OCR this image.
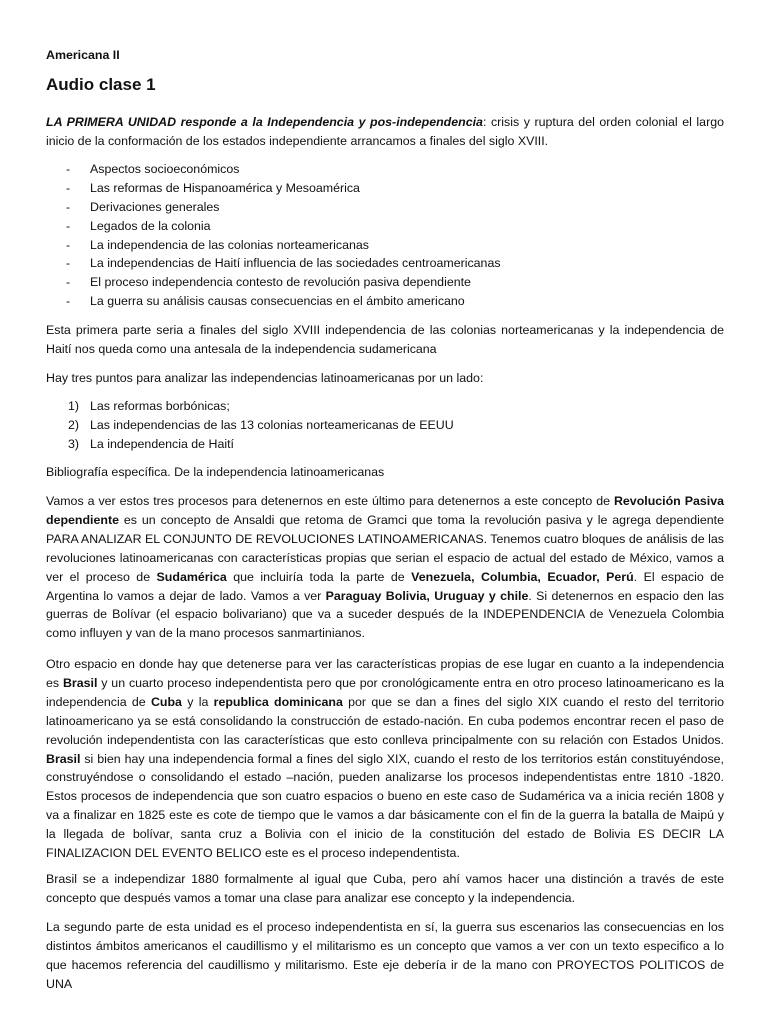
Americana II
Audio clase 1

LA PRIMERA UNIDAD responde a la Independencia y pos-independencia: crisis y ruptura del orden colonial el largo inicio de la conformación de los estados independiente arrancamos a finales del siglo XVIII.

- Aspectos socioeconómicos
- Las reformas de Hispanoamérica y Mesoamérica
- Derivaciones generales
- Legados de la colonia
- La independencia de las colonias norteamericanas
- La independencias de Haití influencia de las sociedades centroamericanas
- El proceso independencia contesto de revolución pasiva dependiente
- La guerra su análisis causas consecuencias en el ámbito americano

Esta primera parte seria a finales del siglo XVIII independencia de las colonias norteamericanas y la independencia de Haití nos queda como una antesala de la independencia sudamericana

Hay tres puntos para analizar las independencias latinoamericanas por un lado:

1) Las reformas borbónicas;
2) Las independencias de las 13 colonias norteamericanas de EEUU
3) La independencia de Haití

Bibliografía específica. De la independencia latinoamericanas

Vamos a ver estos tres procesos para detenernos en este último para detenernos a este concepto de Revolución Pasiva dependiente es un concepto de Ansaldi que retoma de Gramci que toma la revolución pasiva y le agrega dependiente PARA ANALIZAR EL CONJUNTO DE REVOLUCIONES LATINOAMERICANAS. Tenemos cuatro bloques de análisis de las revoluciones latinoamericanas con características propias que serian el espacio de actual del estado de México, vamos a ver el proceso de Sudamérica que incluiría toda la parte de Venezuela, Columbia, Ecuador, Perú. El espacio de Argentina lo vamos a dejar de lado. Vamos a ver Paraguay Bolivia, Uruguay y chile. Si detenernos en espacio den las guerras de Bolívar (el espacio bolivariano) que va a suceder después de la INDEPENDENCIA de Venezuela Colombia como influyen y van de la mano procesos sanmartinianos.

Otro espacio en donde hay que detenerse para ver las características propias de ese lugar en cuanto a la independencia es Brasil y un cuarto proceso independentista pero que por cronológicamente entra en otro proceso latinoamericano es la independencia de Cuba y la republica dominicana por que se dan a fines del siglo XIX cuando el resto del territorio latinoamericano ya se está consolidando la construcción de estado-nación. En cuba podemos encontrar recen el paso de revolución independentista con las características que esto conlleva principalmente con su relación con Estados Unidos. Brasil si bien hay una independencia formal a fines del siglo XIX, cuando el resto de los territorios están constituyéndose, construyéndose o consolidando el estado –nación, pueden analizarse los procesos independentistas entre 1810 -1820. Estos procesos de independencia que son cuatro espacios o bueno en este caso de Sudamérica va a inicia recién 1808 y va a finalizar en 1825 este es cote de tiempo que le vamos a dar básicamente con el fin de la guerra la batalla de Maipú y la llegada de bolívar, santa cruz a Bolivia con el inicio de la constitución del estado de Bolivia ES DECIR LA FINALIZACION DEL EVENTO BELICO este es el proceso independentista.

Brasil se a independizar 1880 formalmente al igual que Cuba, pero ahí vamos hacer una distinción a través de este concepto que después vamos a tomar una clase para analizar ese concepto y la independencia.

La segundo parte de esta unidad es el proceso independentista en sí, la guerra sus escenarios las consecuencias en los distintos ámbitos americanos el caudillismo y el militarismo es un concepto que vamos a ver con un texto especifico a lo que hacemos referencia del caudillismo y militarismo. Este eje debería ir de la mano con PROYECTOS POLITICOS de UNA
